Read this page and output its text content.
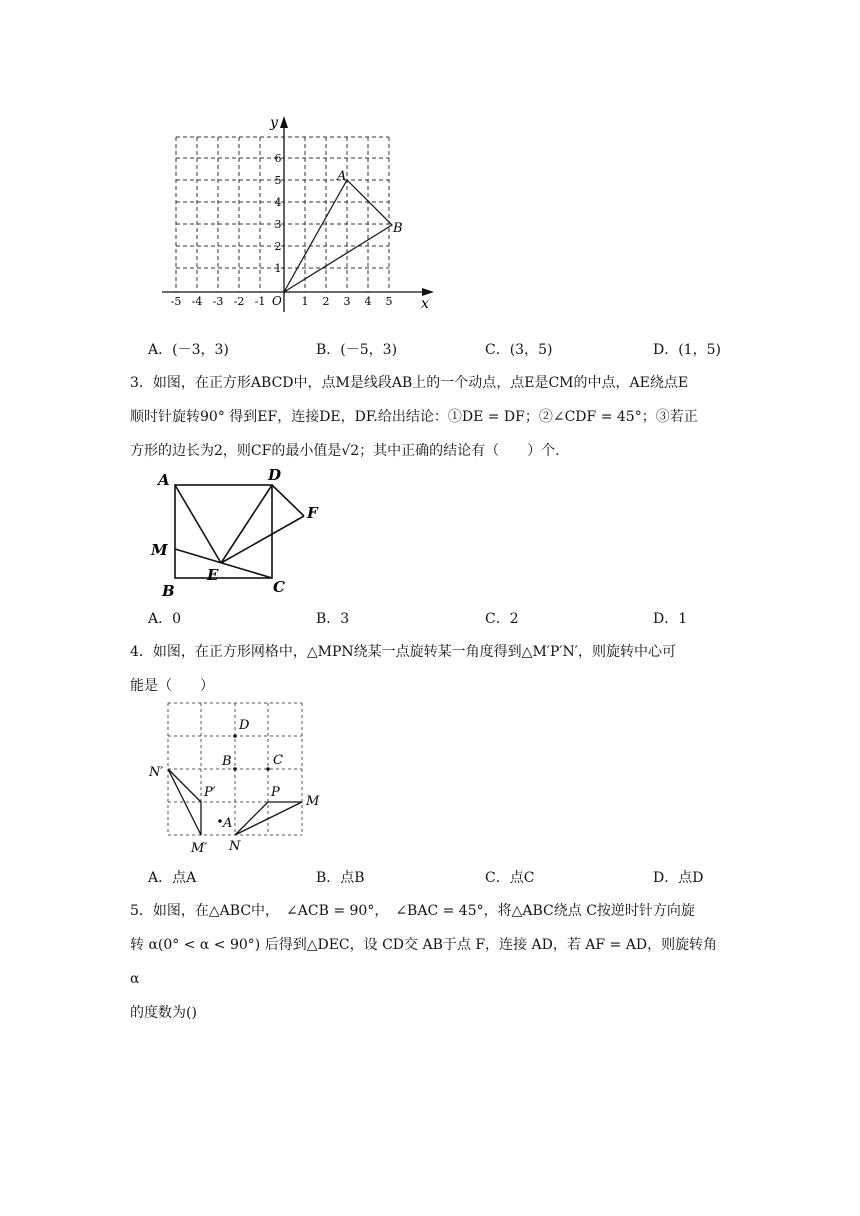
y
x
O
A
B
-5 -4 -3 -2 -1	1 2 3 4 5
1
2
3
4
5
6
A．(－3，3)	B．(－5，3)	C．(3，5)	D．(1，5)
3．如图，在正方形ABCD中，点M是线段AB上的一个动点，点E是CM的中点，AE绕点E
顺时针旋转90° 得到EF，连接DE，DF.给出结论：①DE = DF；②∠CDF = 45°；③若正
方形的边长为2，则CF的最小值是√2；其中正确的结论有（　　）个.
A	D
F
M
E
B	C
A．0	B．3	C．2	D．1
4．如图，在正方形网格中，△MPN绕某一点旋转某一角度得到△M′P′N′，则旋转中心可
能是（　　）
D
B	C
N′
P′	P
M
A
M′ N
A．点A	B．点B	C．点C	D．点D
5．如图，在△ABC中，　∠ACB = 90°，　∠BAC = 45°，将△ABC绕点 C按逆时针方向旋
转 α(0° < α < 90°) 后得到△DEC，设 CD交 AB于点 F，连接 AD，若 AF = AD，则旋转角 α
的度数为()
